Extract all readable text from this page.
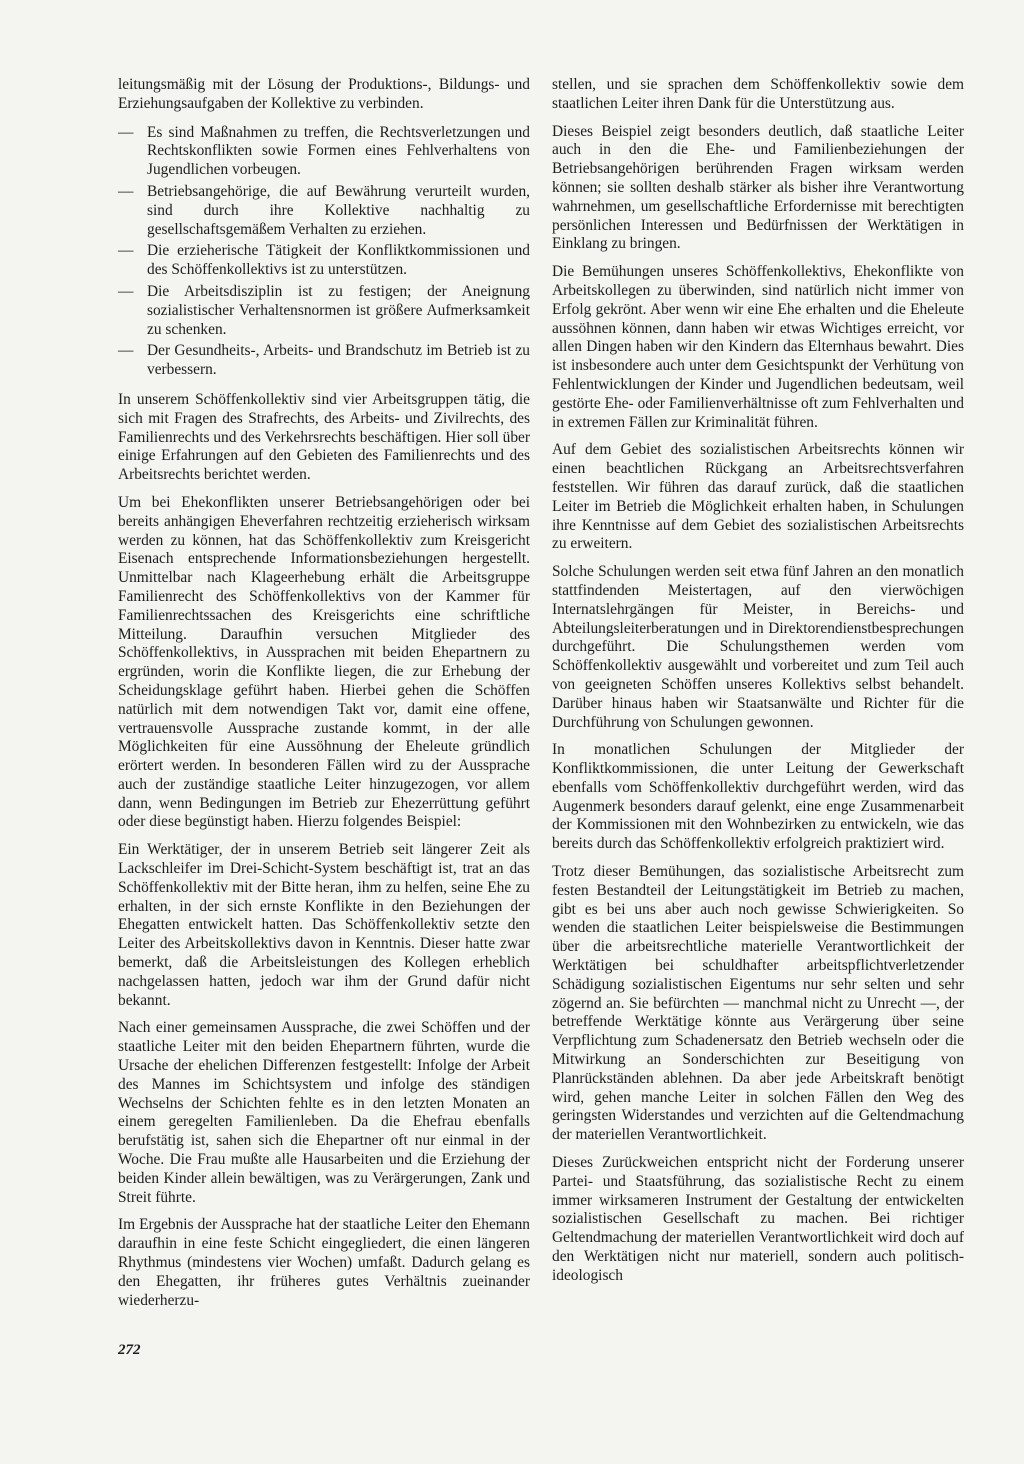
leitungsmäßig mit der Lösung der Produktions-, Bildungs- und Erziehungsaufgaben der Kollektive zu verbinden.

— Es sind Maßnahmen zu treffen, die Rechtsverletzungen und Rechtskonflikten sowie Formen eines Fehlverhaltens von Jugendlichen vorbeugen.
— Betriebsangehörige, die auf Bewährung verurteilt wurden, sind durch ihre Kollektive nachhaltig zu gesellschaftsgemäßem Verhalten zu erziehen.
— Die erzieherische Tätigkeit der Konfliktkommissionen und des Schöffenkollektivs ist zu unterstützen.
— Die Arbeitsdisziplin ist zu festigen; der Aneignung sozialistischer Verhaltensnormen ist größere Aufmerksamkeit zu schenken.
— Der Gesundheits-, Arbeits- und Brandschutz im Betrieb ist zu verbessern.

In unserem Schöffenkollektiv sind vier Arbeitsgruppen tätig, die sich mit Fragen des Strafrechts, des Arbeits- und Zivilrechts, des Familienrechts und des Verkehrsrechts beschäftigen. Hier soll über einige Erfahrungen auf den Gebieten des Familienrechts und des Arbeitsrechts berichtet werden.

Um bei Ehekonflikten unserer Betriebsangehörigen oder bei bereits anhängigen Eheverfahren rechtzeitig erzieherisch wirksam werden zu können, hat das Schöffenkollektiv zum Kreisgericht Eisenach entsprechende Informationsbeziehungen hergestellt. Unmittelbar nach Klageerhebung erhält die Arbeitsgruppe Familienrecht des Schöffenkollektivs von der Kammer für Familienrechtssachen des Kreisgerichts eine schriftliche Mitteilung. Daraufhin versuchen Mitglieder des Schöffenkollektivs, in Aussprachen mit beiden Ehepartnern zu ergründen, worin die Konflikte liegen, die zur Erhebung der Scheidungsklage geführt haben. Hierbei gehen die Schöffen natürlich mit dem notwendigen Takt vor, damit eine offene, vertrauensvolle Aussprache zustande kommt, in der alle Möglichkeiten für eine Aussöhnung der Eheleute gründlich erörtert werden. In besonderen Fällen wird zu der Aussprache auch der zuständige staatliche Leiter hinzugezogen, vor allem dann, wenn Bedingungen im Betrieb zur Ehezerrüttung geführt oder diese begünstigt haben. Hierzu folgendes Beispiel:

Ein Werktätiger, der in unserem Betrieb seit längerer Zeit als Lackschleifer im Drei-Schicht-System beschäftigt ist, trat an das Schöffenkollektiv mit der Bitte heran, ihm zu helfen, seine Ehe zu erhalten, in der sich ernste Konflikte in den Beziehungen der Ehegatten entwickelt hatten. Das Schöffenkollektiv setzte den Leiter des Arbeitskollektivs davon in Kenntnis. Dieser hatte zwar bemerkt, daß die Arbeitsleistungen des Kollegen erheblich nachgelassen hatten, jedoch war ihm der Grund dafür nicht bekannt.

Nach einer gemeinsamen Aussprache, die zwei Schöffen und der staatliche Leiter mit den beiden Ehepartnern führten, wurde die Ursache der ehelichen Differenzen festgestellt: Infolge der Arbeit des Mannes im Schichtsystem und infolge des ständigen Wechselns der Schichten fehlte es in den letzten Monaten an einem geregelten Familienleben. Da die Ehefrau ebenfalls berufstätig ist, sahen sich die Ehepartner oft nur einmal in der Woche. Die Frau mußte alle Hausarbeiten und die Erziehung der beiden Kinder allein bewältigen, was zu Verärgerungen, Zank und Streit führte.

Im Ergebnis der Aussprache hat der staatliche Leiter den Ehemann daraufhin in eine feste Schicht eingegliedert, die einen längeren Rhythmus (mindestens vier Wochen) umfaßt. Dadurch gelang es den Ehegatten, ihr früheres gutes Verhältnis zueinander wiederherzu-

stellen, und sie sprachen dem Schöffenkollektiv sowie dem staatlichen Leiter ihren Dank für die Unterstützung aus.

Dieses Beispiel zeigt besonders deutlich, daß staatliche Leiter auch in den die Ehe- und Familienbeziehungen der Betriebsangehörigen berührenden Fragen wirksam werden können; sie sollten deshalb stärker als bisher ihre Verantwortung wahrnehmen, um gesellschaftliche Erfordernisse mit berechtigten persönlichen Interessen und Bedürfnissen der Werktätigen in Einklang zu bringen.

Die Bemühungen unseres Schöffenkollektivs, Ehekonflikte von Arbeitskollegen zu überwinden, sind natürlich nicht immer von Erfolg gekrönt. Aber wenn wir eine Ehe erhalten und die Eheleute aussöhnen können, dann haben wir etwas Wichtiges erreicht, vor allen Dingen haben wir den Kindern das Elternhaus bewahrt. Dies ist insbesondere auch unter dem Gesichtspunkt der Verhütung von Fehlentwicklungen der Kinder und Jugendlichen bedeutsam, weil gestörte Ehe- oder Familienverhältnisse oft zum Fehlverhalten und in extremen Fällen zur Kriminalität führen.

Auf dem Gebiet des sozialistischen Arbeitsrechts können wir einen beachtlichen Rückgang an Arbeitsrechtsverfahren feststellen. Wir führen das darauf zurück, daß die staatlichen Leiter im Betrieb die Möglichkeit erhalten haben, in Schulungen ihre Kenntnisse auf dem Gebiet des sozialistischen Arbeitsrechts zu erweitern.

Solche Schulungen werden seit etwa fünf Jahren an den monatlich stattfindenden Meistertagen, auf den vierwöchigen Internatslehrgängen für Meister, in Bereichs- und Abteilungsleiterberatungen und in Direktorendienstbesprechungen durchgeführt. Die Schulungsthemen werden vom Schöffenkollektiv ausgewählt und vorbereitet und zum Teil auch von geeigneten Schöffen unseres Kollektivs selbst behandelt. Darüber hinaus haben wir Staatsanwälte und Richter für die Durchführung von Schulungen gewonnen.

In monatlichen Schulungen der Mitglieder der Konfliktkommissionen, die unter Leitung der Gewerkschaft ebenfalls vom Schöffenkollektiv durchgeführt werden, wird das Augenmerk besonders darauf gelenkt, eine enge Zusammenarbeit der Kommissionen mit den Wohnbezirken zu entwickeln, wie das bereits durch das Schöffenkollektiv erfolgreich praktiziert wird.

Trotz dieser Bemühungen, das sozialistische Arbeitsrecht zum festen Bestandteil der Leitungstätigkeit im Betrieb zu machen, gibt es bei uns aber auch noch gewisse Schwierigkeiten. So wenden die staatlichen Leiter beispielsweise die Bestimmungen über die arbeitsrechtliche materielle Verantwortlichkeit der Werktätigen bei schuldhafter arbeitspflichtverletzender Schädigung sozialistischen Eigentums nur sehr selten und sehr zögernd an. Sie befürchten — manchmal nicht zu Unrecht —, der betreffende Werktätige könnte aus Verärgerung über seine Verpflichtung zum Schadenersatz den Betrieb wechseln oder die Mitwirkung an Sonderschichten zur Beseitigung von Planrückständen ablehnen. Da aber jede Arbeitskraft benötigt wird, gehen manche Leiter in solchen Fällen den Weg des geringsten Widerstandes und verzichten auf die Geltendmachung der materiellen Verantwortlichkeit.

Dieses Zurückweichen entspricht nicht der Forderung unserer Partei- und Staatsführung, das sozialistische Recht zu einem immer wirksameren Instrument der Gestaltung der entwickelten sozialistischen Gesellschaft zu machen. Bei richtiger Geltendmachung der materiellen Verantwortlichkeit wird doch auf den Werktätigen nicht nur materiell, sondern auch politisch-ideologisch

272
